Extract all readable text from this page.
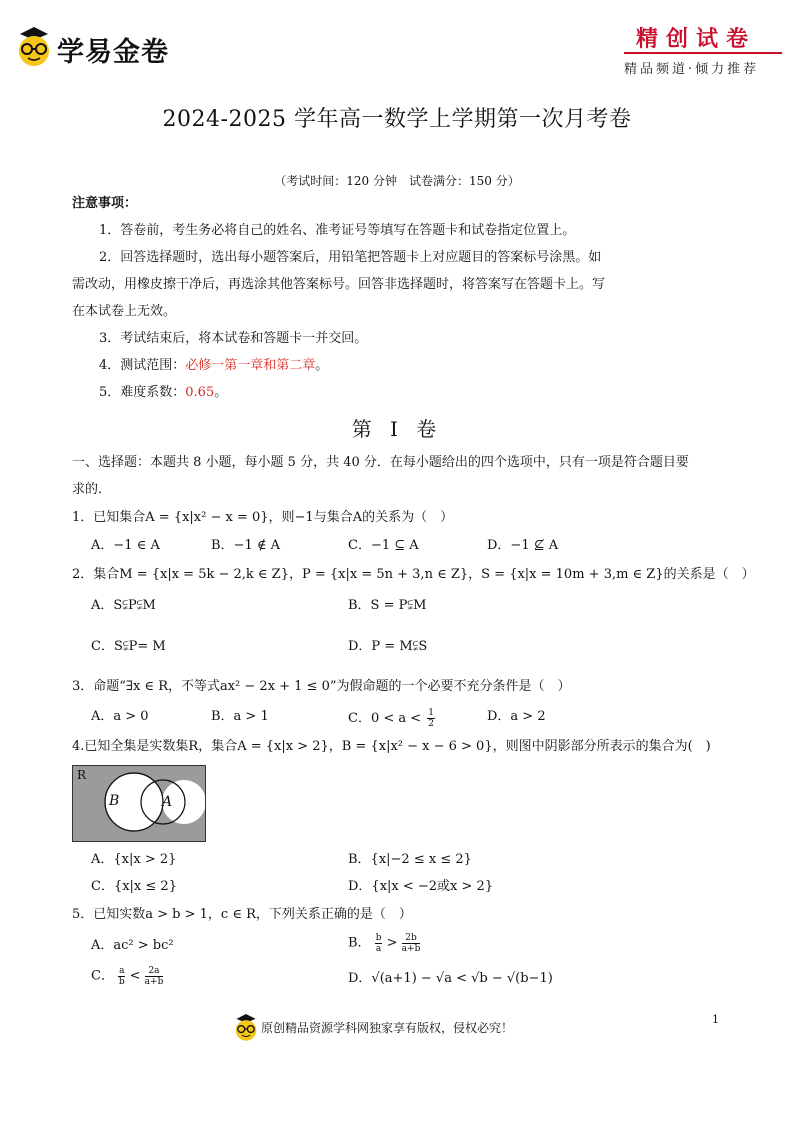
学易金卷	精创试卷
精品频道·倾力推荐
2024-2025 学年高一数学上学期第一次月考卷
（考试时间：120 分钟　试卷满分：150 分）
注意事项：
1．答卷前，考生务必将自己的姓名、准考证号等填写在答题卡和试卷指定位置上。
2．回答选择题时，选出每小题答案后，用铅笔把答题卡上对应题目的答案标号涂黑。如
需改动，用橡皮擦干净后，再选涂其他答案标号。回答非选择题时，将答案写在答题卡上。写
在本试卷上无效。
3．考试结束后，将本试卷和答题卡一并交回。
4．测试范围：必修一第一章和第二章。
5．难度系数：0.65。
第 Ⅰ 卷
一、选择题：本题共 8 小题，每小题 5 分，共 40 分．在每小题给出的四个选项中，只有一项是符合题目要
求的．
1．已知集合A = {x|x² − x = 0}，则−1与集合A的关系为（　）
A．−1 ∈ A	B．−1 ∉ A	C．−1 ⊆ A	D．−1 ⊈ A
2．集合M = {x|x = 5k − 2,k ∈ Z}，P = {x|x = 5n + 3,n ∈ Z}，S = {x|x = 10m + 3,m ∈ Z}的关系是（　）
A．S⫋P⫋M	B．S = P⫋M
C．S⫋P= M	D．P = M⫋S
3．命题“∃x ∈ R，不等式ax² − 2x + 1 ≤ 0”为假命题的一个必要不充分条件是（　）
A．a > 0	B．a > 1	C．$0 < a < \frac{1}{2}$	D．a > 2
4.已知全集是实数集R，集合A = {x|x > 2}，B = {x|x² − x − 6 > 0}，则图中阴影部分所表示的集合为(　)
R
B	A
A．{x|x > 2}	B．{x|−2 ≤ x ≤ 2}
C．{x|x ≤ 2}	D．{x|x < −2或x > 2}
5．已知实数a > b > 1，c ∈ R，下列关系正确的是（　）
A．ac² > bc²	B． $\frac{b}{a} > \frac{2b}{a+b}$
C． $\frac{a}{b} < \frac{2a}{a+b}$	D．√(a+1) − √a < √b − √(b−1)
1
原创精品资源学科网独家享有版权，侵权必究！
